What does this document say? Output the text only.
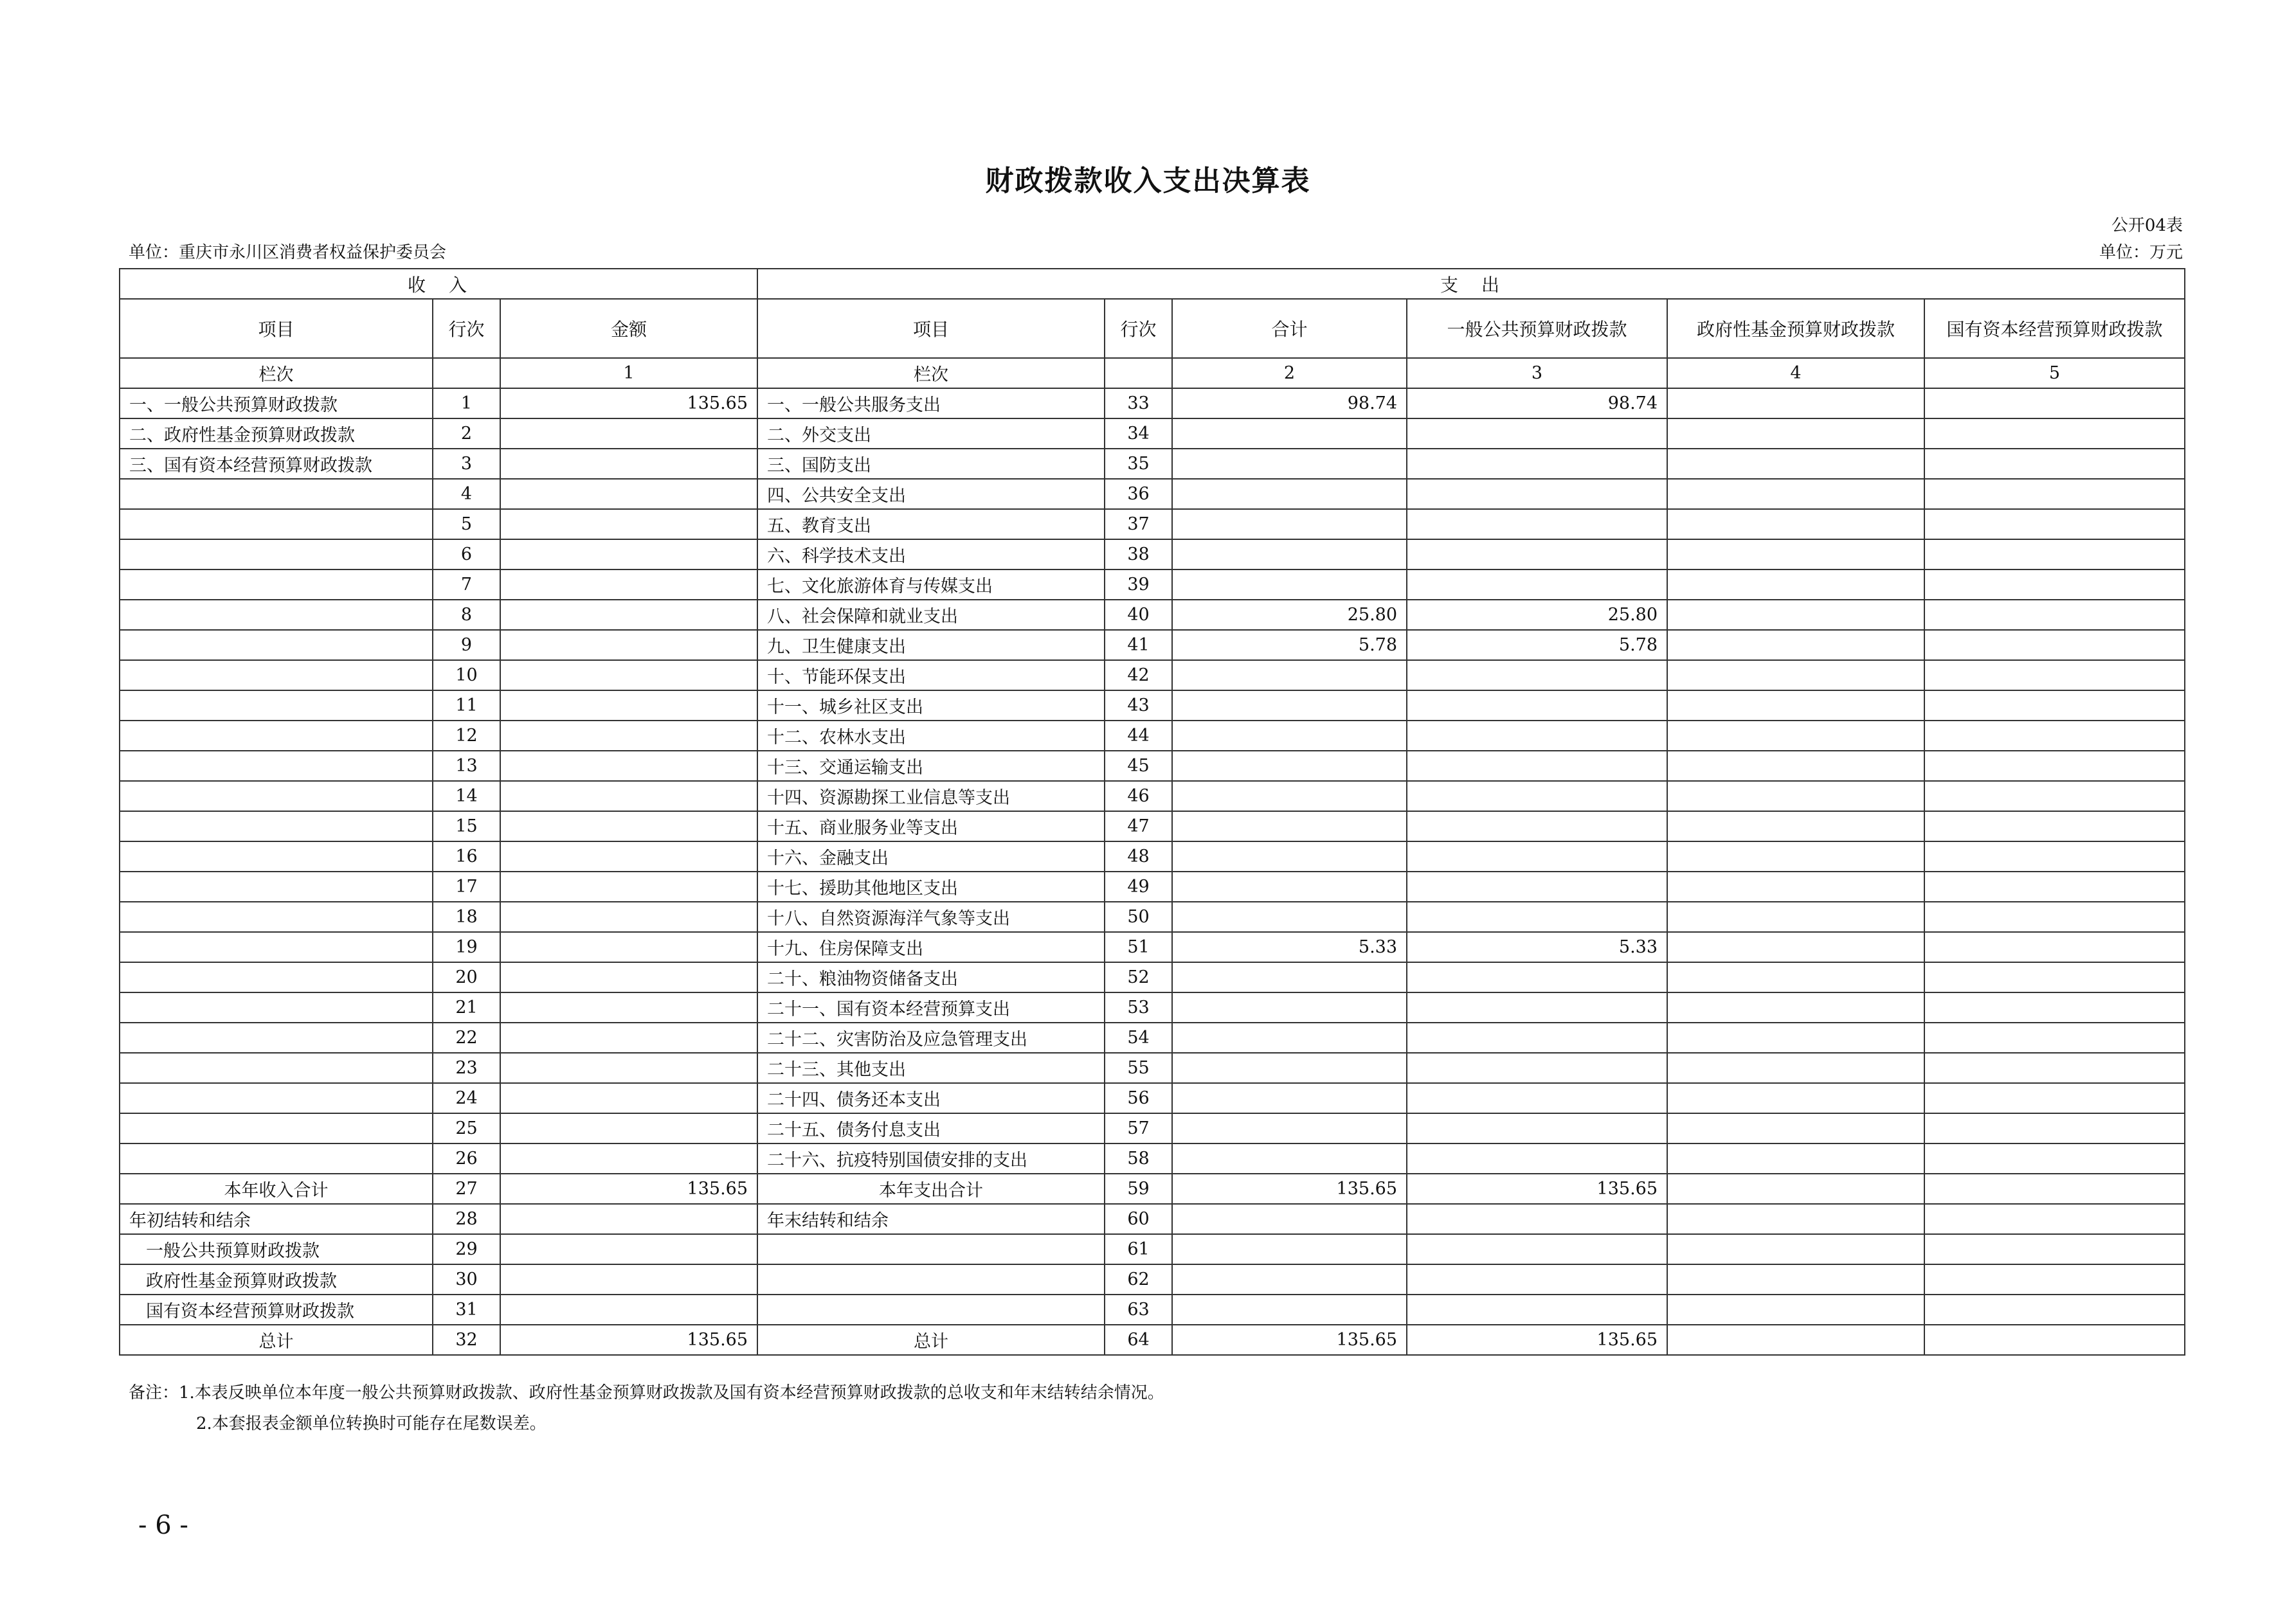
财政拨款收入支出决算表
公开04表
单位：重庆市永川区消费者权益保护委员会	单位：万元
收　入			支　出					
项目	行次	金额	项目	行次	合计	一般公共预算财政拨款	政府性基金预算财政拨款	国有资本经营预算财政拨款
栏次		1	栏次		2	3	4	5
一、一般公共预算财政拨款	1	135.65	一、一般公共服务支出	33	98.74	98.74		
二、政府性基金预算财政拨款	2		二、外交支出	34				
三、国有资本经营预算财政拨款	3		三、国防支出	35				
	4		四、公共安全支出	36				
	5		五、教育支出	37				
	6		六、科学技术支出	38				
	7		七、文化旅游体育与传媒支出	39				
	8		八、社会保障和就业支出	40	25.80	25.80		
	9		九、卫生健康支出	41	5.78	5.78		
	10		十、节能环保支出	42				
	11		十一、城乡社区支出	43				
	12		十二、农林水支出	44				
	13		十三、交通运输支出	45				
	14		十四、资源勘探工业信息等支出	46				
	15		十五、商业服务业等支出	47				
	16		十六、金融支出	48				
	17		十七、援助其他地区支出	49				
	18		十八、自然资源海洋气象等支出	50				
	19		十九、住房保障支出	51	5.33	5.33		
	20		二十、粮油物资储备支出	52				
	21		二十一、国有资本经营预算支出	53				
	22		二十二、灾害防治及应急管理支出	54				
	23		二十三、其他支出	55				
	24		二十四、债务还本支出	56				
	25		二十五、债务付息支出	57				
	26		二十六、抗疫特别国债安排的支出	58				
本年收入合计	27	135.65	本年支出合计	59	135.65	135.65		
年初结转和结余	28		年末结转和结余	60				
一般公共预算财政拨款	29			61				
政府性基金预算财政拨款	30			62				
国有资本经营预算财政拨款	31			63				
总计	32	135.65	总计	64	135.65	135.65		
备注：1.本表反映单位本年度一般公共预算财政拨款、政府性基金预算财政拨款及国有资本经营预算财政拨款的总收支和年末结转结余情况。
2.本套报表金额单位转换时可能存在尾数误差。
- 6 -
